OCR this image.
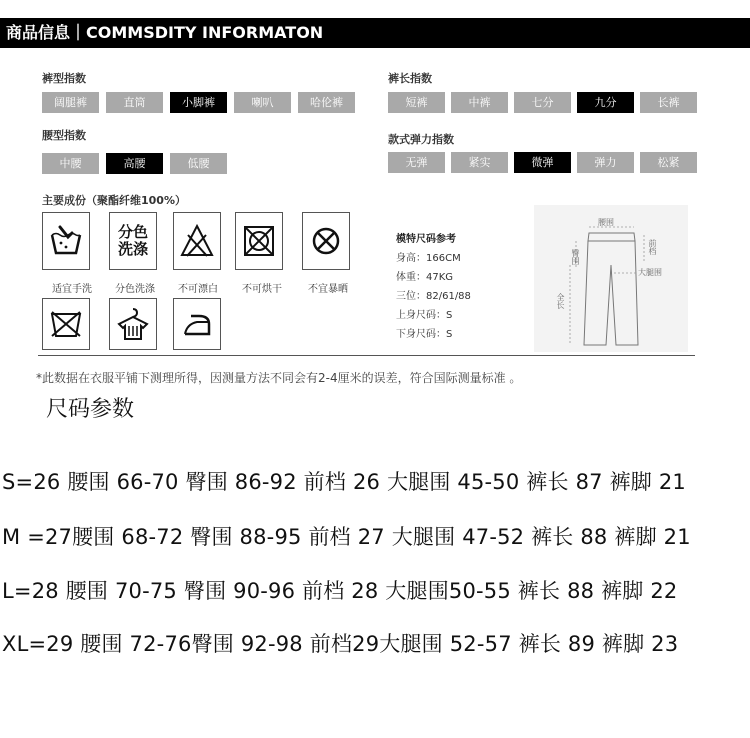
商品信息｜COMMSDITY INFORMATON
裤型指数
阔腿裤	直筒	小脚裤	喇叭	哈伦裤
裤长指数
短裤	中裤	七分	九分	长裤
腰型指数
中腰	高腰	低腰
款式弹力指数
无弹	紧实	微弹	弹力	松紧
主要成份（聚酯纤维100%）
分色
洗涤
适宜手洗	分色洗涤	不可漂白	不可烘干	不宜暴晒
模特尺码参考
身高：166CM
体重：47KG
三位：82/61/88
上身尺码：S
下身尺码：S
腰围
臀围
前档
大腿围
全长
*此数据在衣服平铺下测理所得，因测量方法不同会有2-4厘米的误差，符合国际测量标准 。
尺码参数
S=26 腰围 66-70 臀围 86-92 前档 26 大腿围 45-50 裤长 87 裤脚 21
M =27腰围 68-72 臀围 88-95 前档 27 大腿围 47-52 裤长 88 裤脚 21
L=28 腰围 70-75 臀围 90-96 前档 28 大腿围50-55 裤长 88 裤脚 22
XL=29 腰围 72-76臀围 92-98 前档29大腿围 52-57 裤长 89 裤脚 23
